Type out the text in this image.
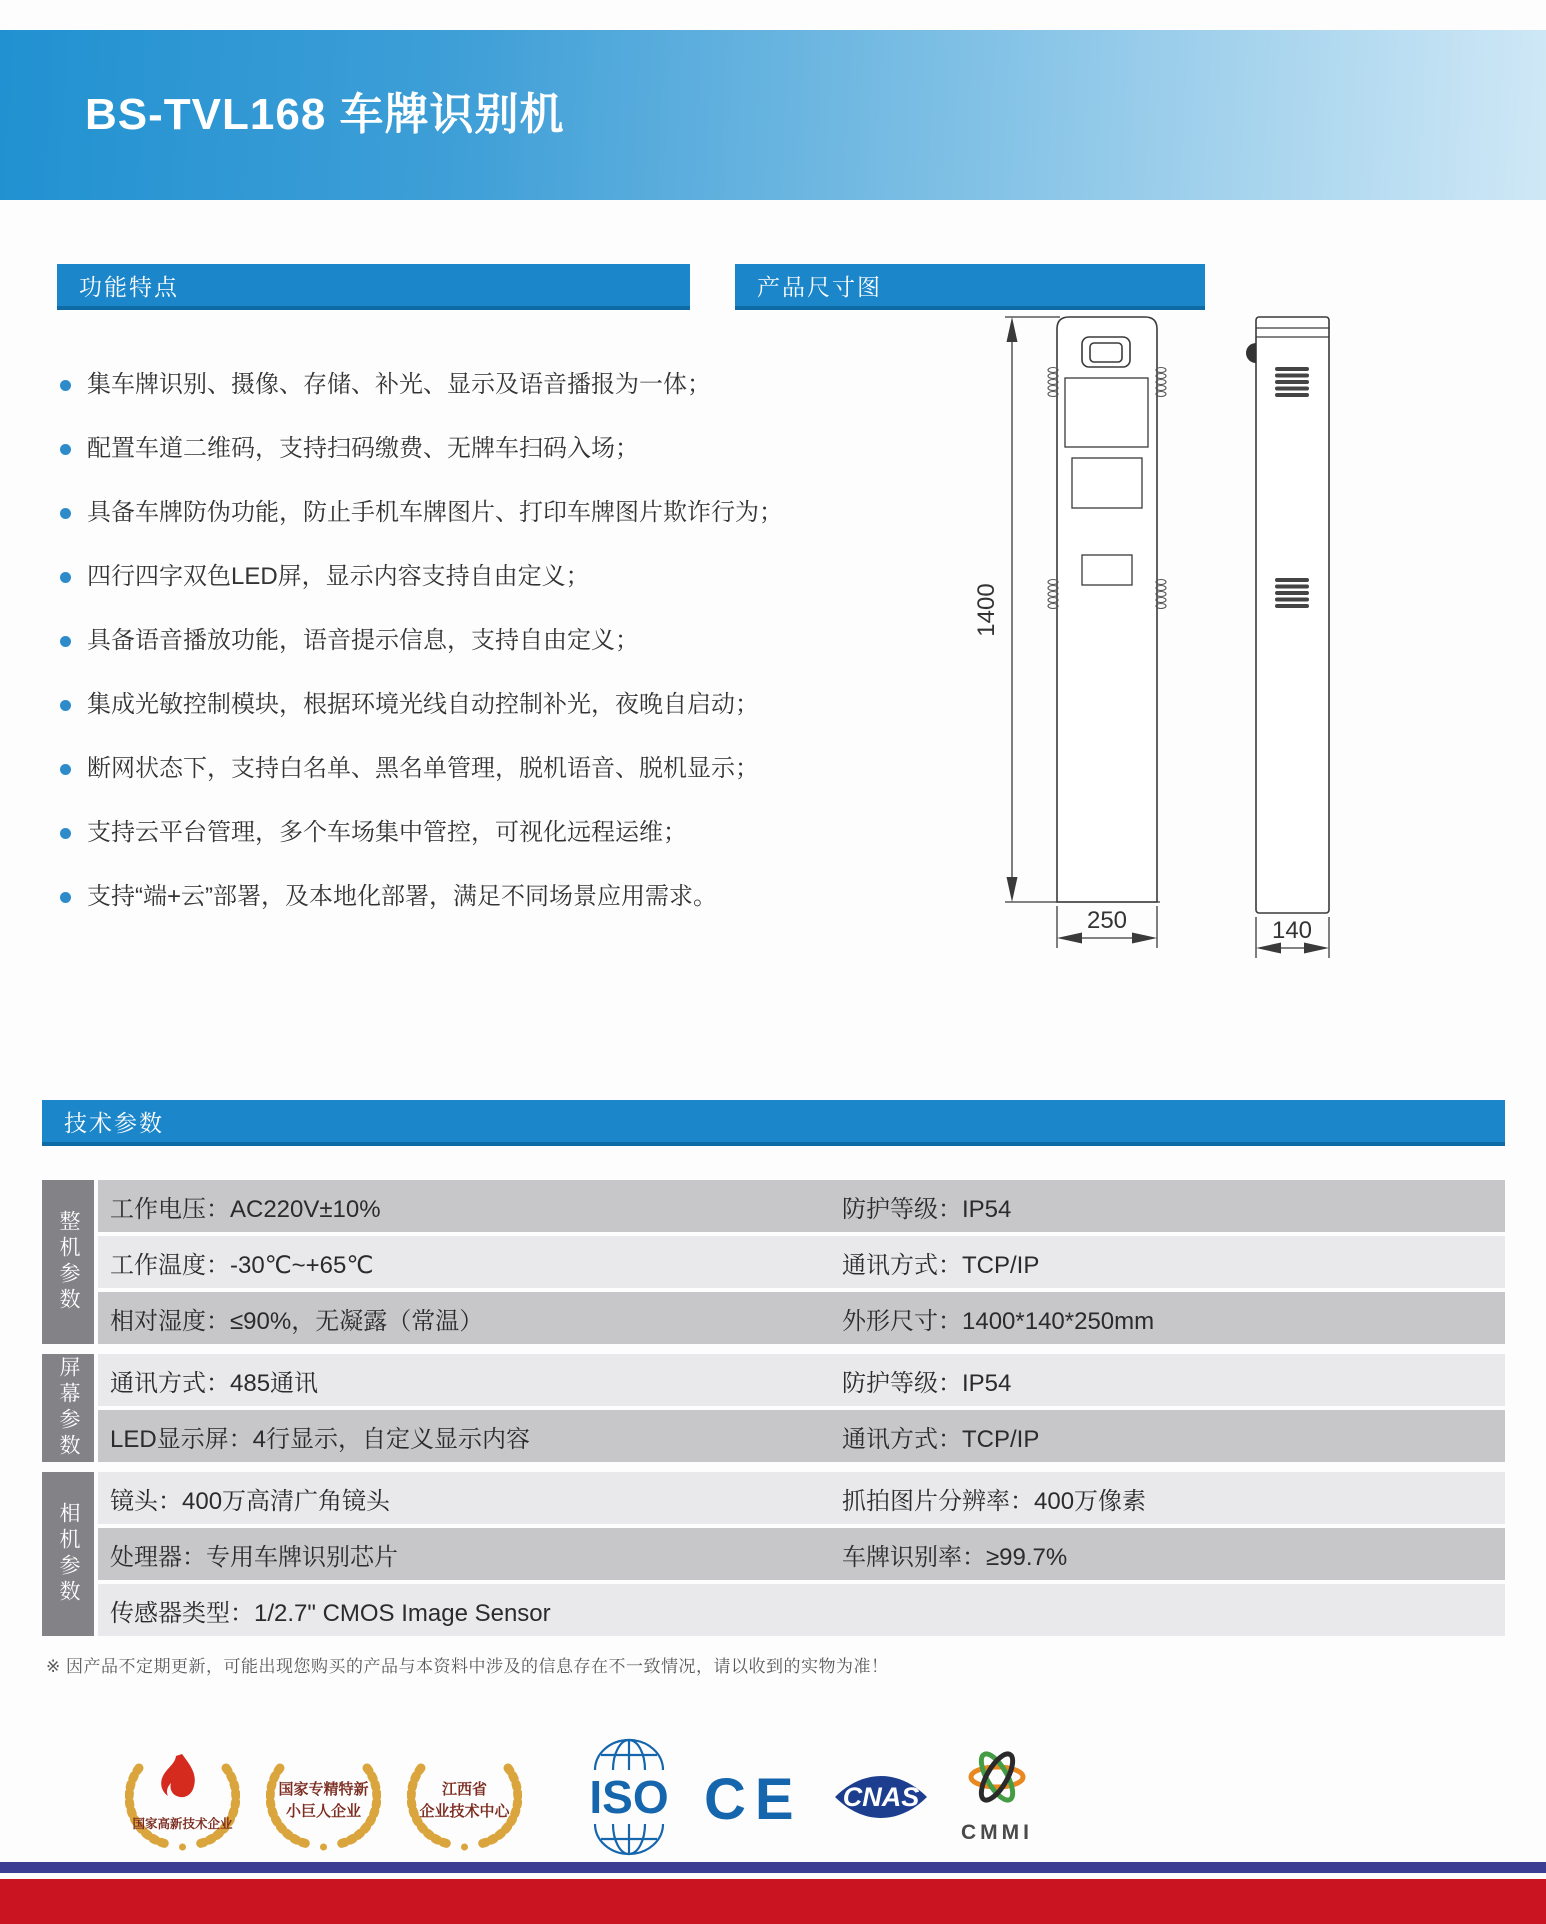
BS-TVL168 车牌识别机
功能特点	产品尺寸图
集车牌识别、摄像、存储、补光、显示及语音播报为一体；
配置车道二维码，支持扫码缴费、无牌车扫码入场；
具备车牌防伪功能，防止手机车牌图片、打印车牌图片欺诈行为；
四行四字双色LED屏，显示内容支持自由定义；
具备语音播放功能，语音提示信息，支持自由定义；
集成光敏控制模块，根据环境光线自动控制补光，夜晚自启动；
断网状态下，支持白名单、黑名单管理，脱机语音、脱机显示；
支持云平台管理，多个车场集中管控，可视化远程运维；
支持“端+云”部署，及本地化部署，满足不同场景应用需求。
1400
250	140
技术参数
整机参数
工作电压：AC220V±10%	防护等级：IP54
工作温度：-30℃~+65℃	通讯方式：TCP/IP
相对湿度：≤90%，无凝露（常温）	外形尺寸：1400*140*250mm
屏幕参数	通讯方式：485通讯	防护等级：IP54
LED显示屏：4行显示，自定义显示内容	通讯方式：TCP/IP
相机参数
镜头：400万高清广角镜头	抓拍图片分辨率：400万像素
处理器：专用车牌识别芯片	车牌识别率：≥99.7%
传感器类型：1/2.7" CMOS Image Sensor
※ 因产品不定期更新，可能出现您购买的产品与本资料中涉及的信息存在不一致情况，请以收到的实物为准！
国家高新技术企业
国家专精特新
小巨人企业
江西省
企业技术中心 ISO CE CNAS
CMMI
